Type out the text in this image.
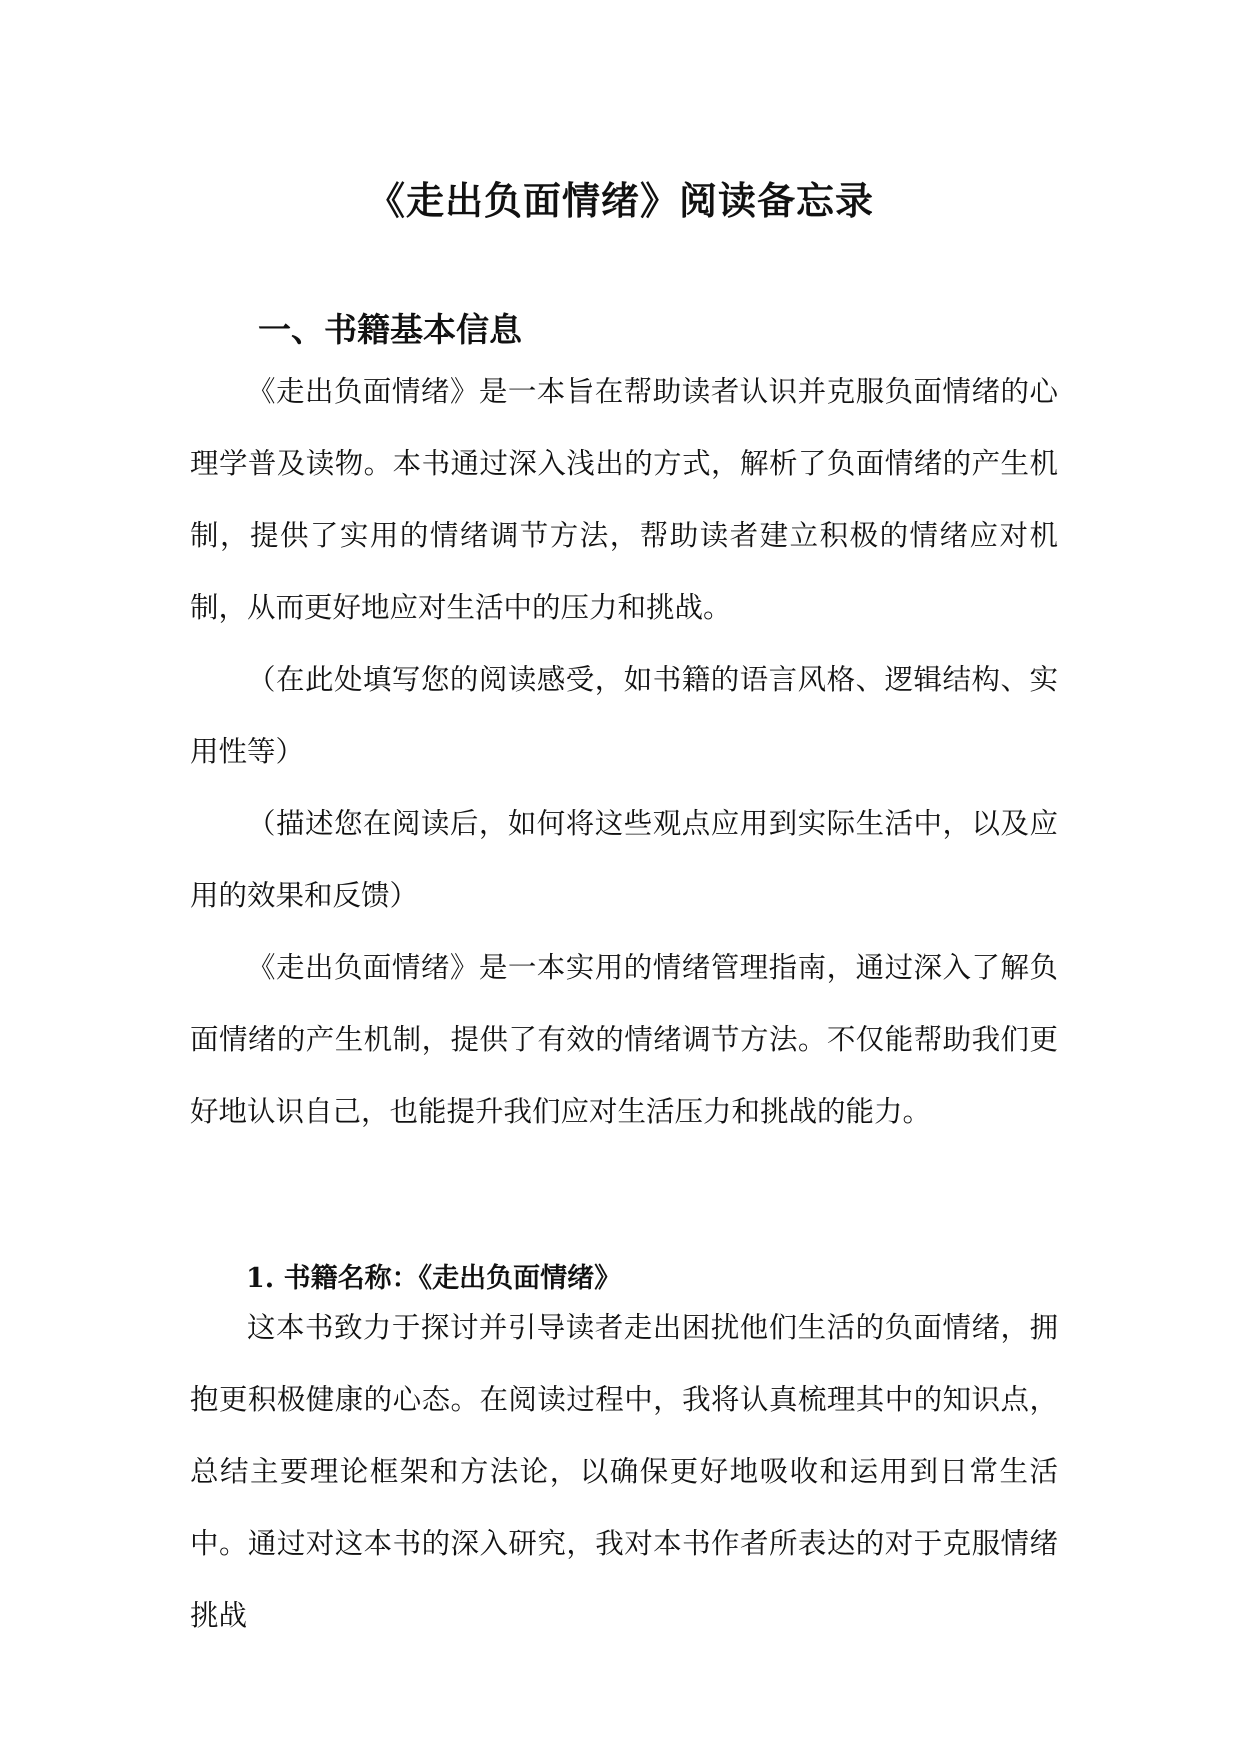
《走出负面情绪》阅读备忘录
一、书籍基本信息

《走出负面情绪》是一本旨在帮助读者认识并克服负面情绪的心理学普及读物。本书通过深入浅出的方式，解析了负面情绪的产生机制，提供了实用的情绪调节方法，帮助读者建立积极的情绪应对机制，从而更好地应对生活中的压力和挑战。

（在此处填写您的阅读感受，如书籍的语言风格、逻辑结构、实用性等）

（描述您在阅读后，如何将这些观点应用到实际生活中，以及应用的效果和反馈）

《走出负面情绪》是一本实用的情绪管理指南，通过深入了解负面情绪的产生机制，提供了有效的情绪调节方法。不仅能帮助我们更好地认识自己，也能提升我们应对生活压力和挑战的能力。

1. 书籍名称：《走出负面情绪》

这本书致力于探讨并引导读者走出困扰他们生活的负面情绪，拥抱更积极健康的心态。在阅读过程中，我将认真梳理其中的知识点，总结主要理论框架和方法论，以确保更好地吸收和运用到日常生活中。通过对这本书的深入研究，我对本书作者所表达的对于克服情绪挑战
